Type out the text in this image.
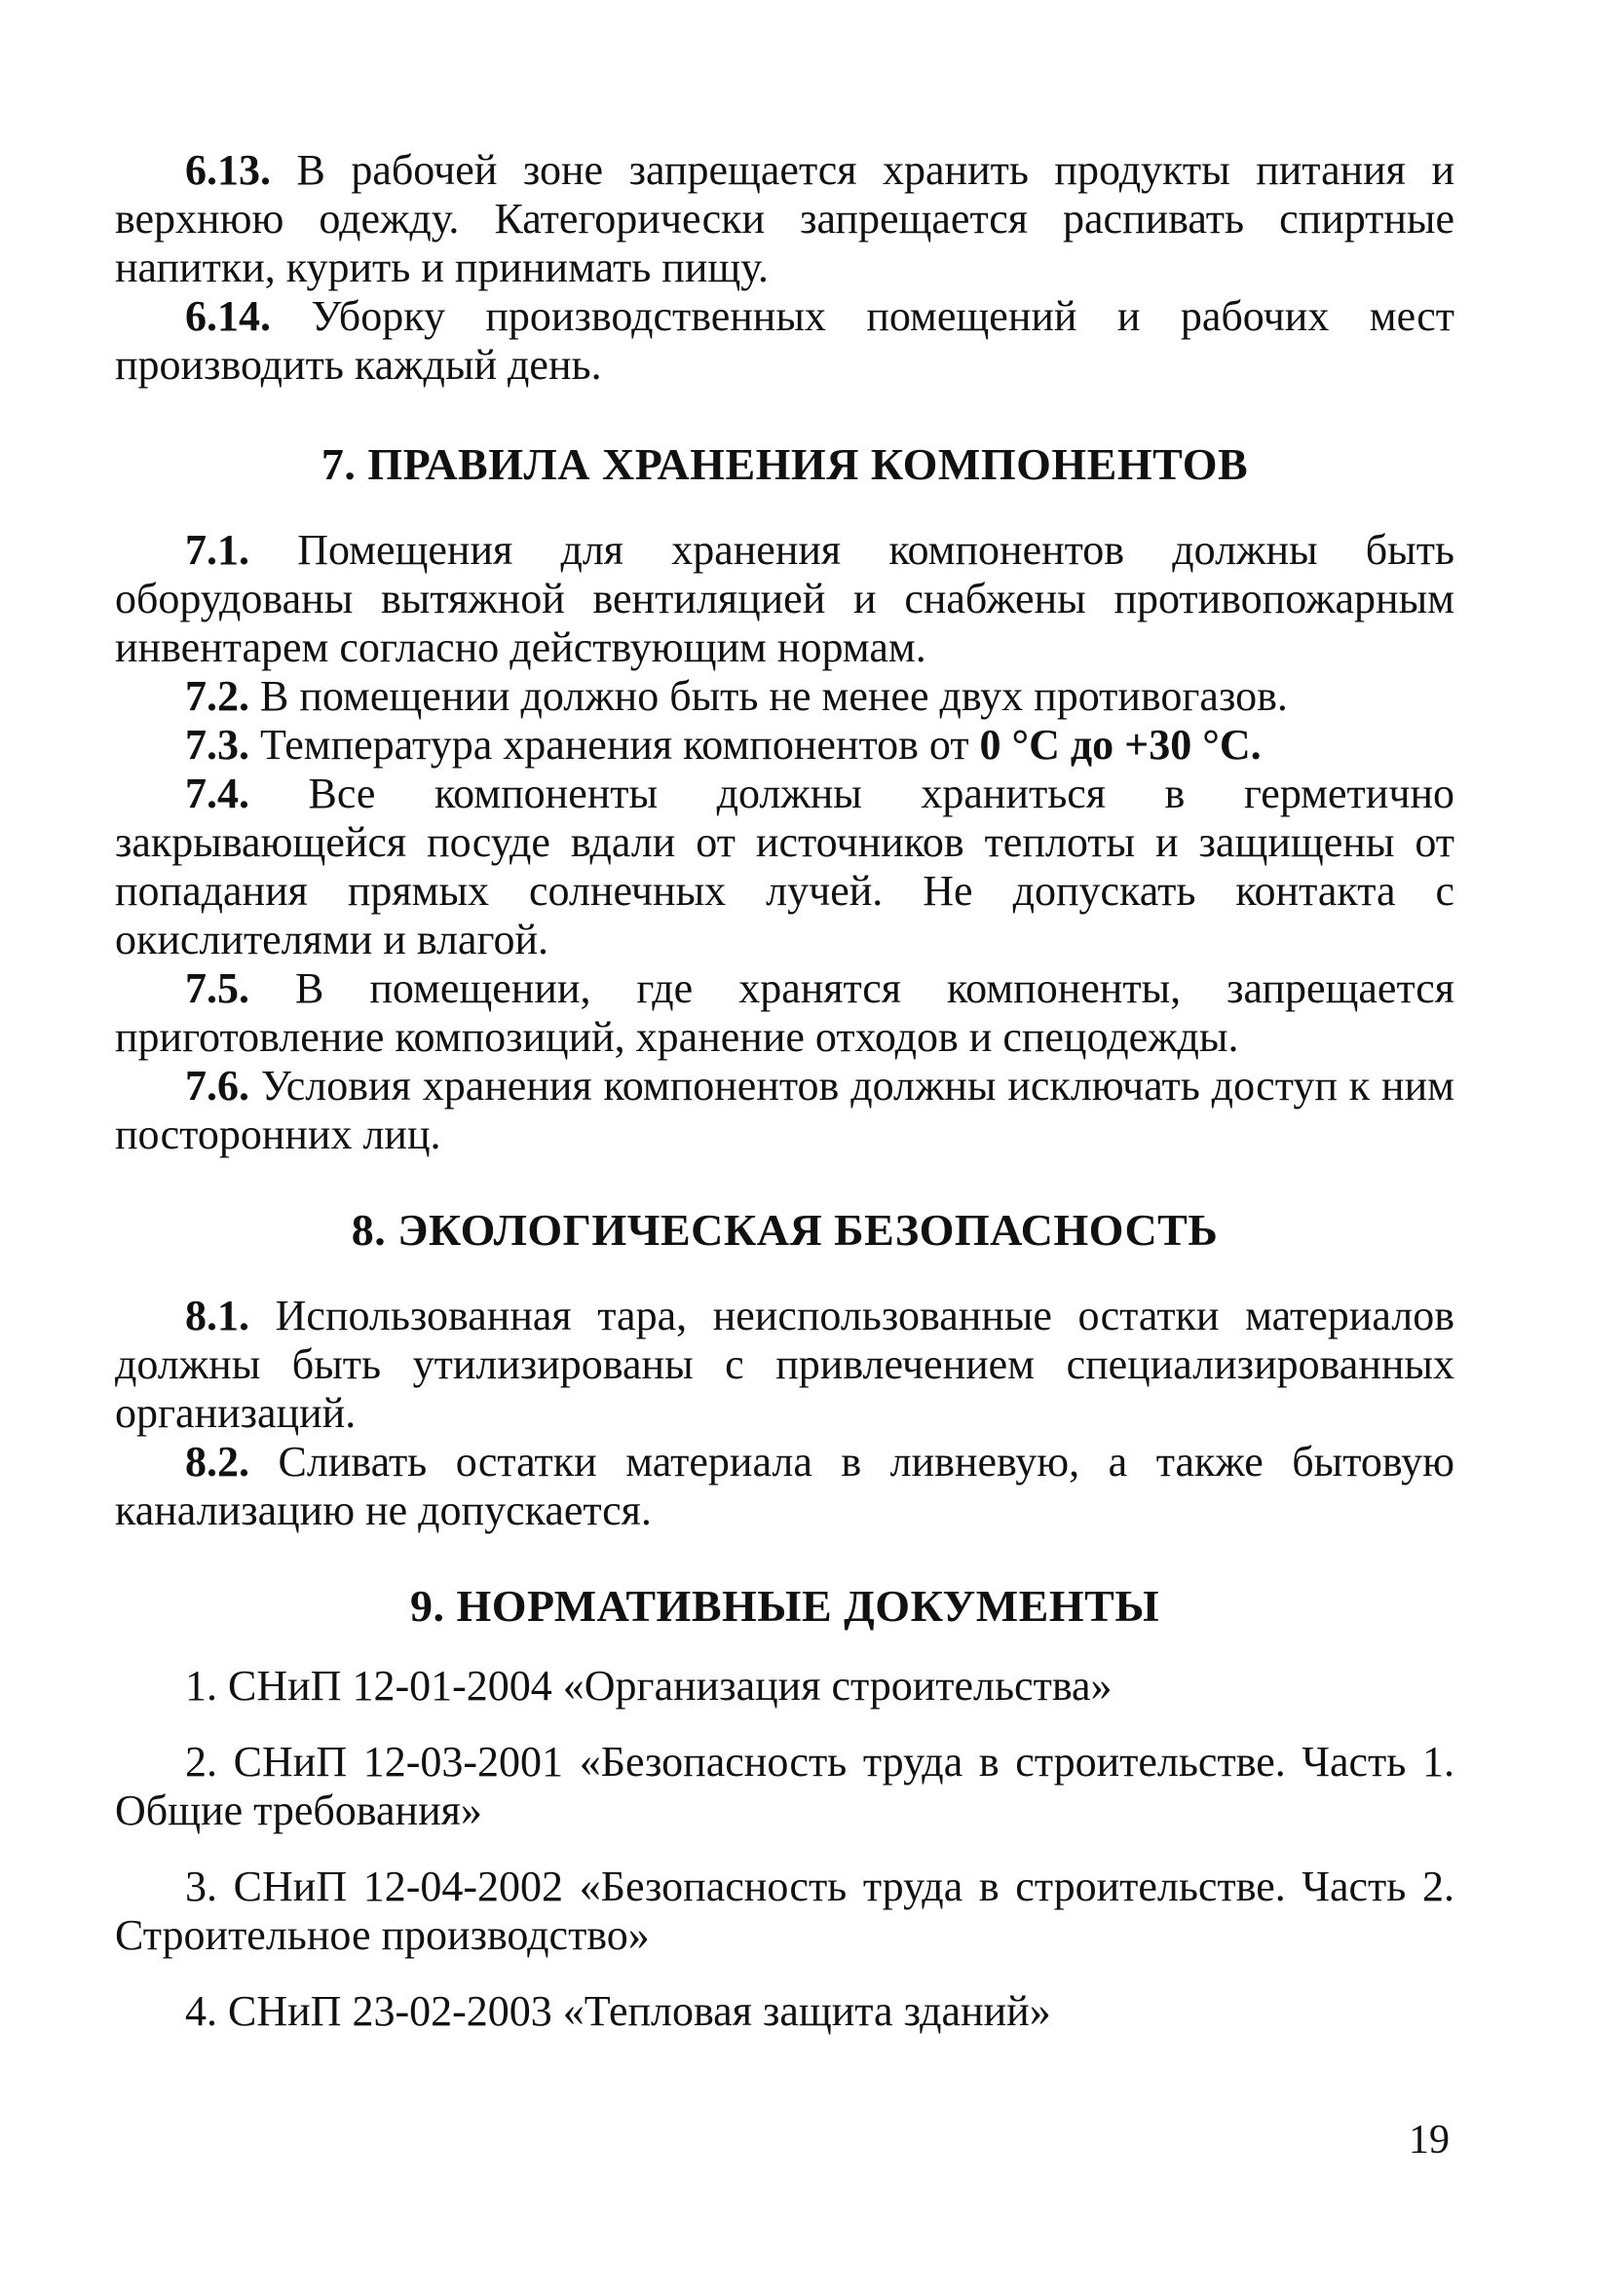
6.13. В рабочей зоне запрещается хранить продукты питания и верхнюю одежду. Категорически запрещается распивать спиртные напитки, курить и принимать пищу.

6.14. Уборку производственных помещений и рабочих мест производить каждый день.

7. ПРАВИЛА ХРАНЕНИЯ КОМПОНЕНТОВ

7.1. Помещения для хранения компонентов должны быть оборудованы вытяжной вентиляцией и снабжены противопожарным инвентарем согласно действующим нормам.

7.2. В помещении должно быть не менее двух противогазов.

7.3. Температура хранения компонентов от 0 °С до +30 °С.

7.4. Все компоненты должны храниться в герметично закрывающейся посуде вдали от источников теплоты и защищены от попадания прямых солнечных лучей. Не допускать контакта с окислителями и влагой.

7.5. В помещении, где хранятся компоненты, запрещается приготовление композиций, хранение отходов и спецодежды.

7.6. Условия хранения компонентов должны исключать доступ к ним посторонних лиц.

8. ЭКОЛОГИЧЕСКАЯ БЕЗОПАСНОСТЬ

8.1. Использованная тара, неиспользованные остатки материалов должны быть утилизированы с привлечением специализированных организаций.

8.2. Сливать остатки материала в ливневую, а также бытовую канализацию не допускается.

9. НОРМАТИВНЫЕ ДОКУМЕНТЫ

1. СНиП 12-01-2004 «Организация строительства»

2. СНиП 12-03-2001 «Безопасность труда в строительстве. Часть 1. Общие требования»

3. СНиП 12-04-2002 «Безопасность труда в строительстве. Часть 2. Строительное производство»

4. СНиП 23-02-2003 «Тепловая защита зданий»

19
